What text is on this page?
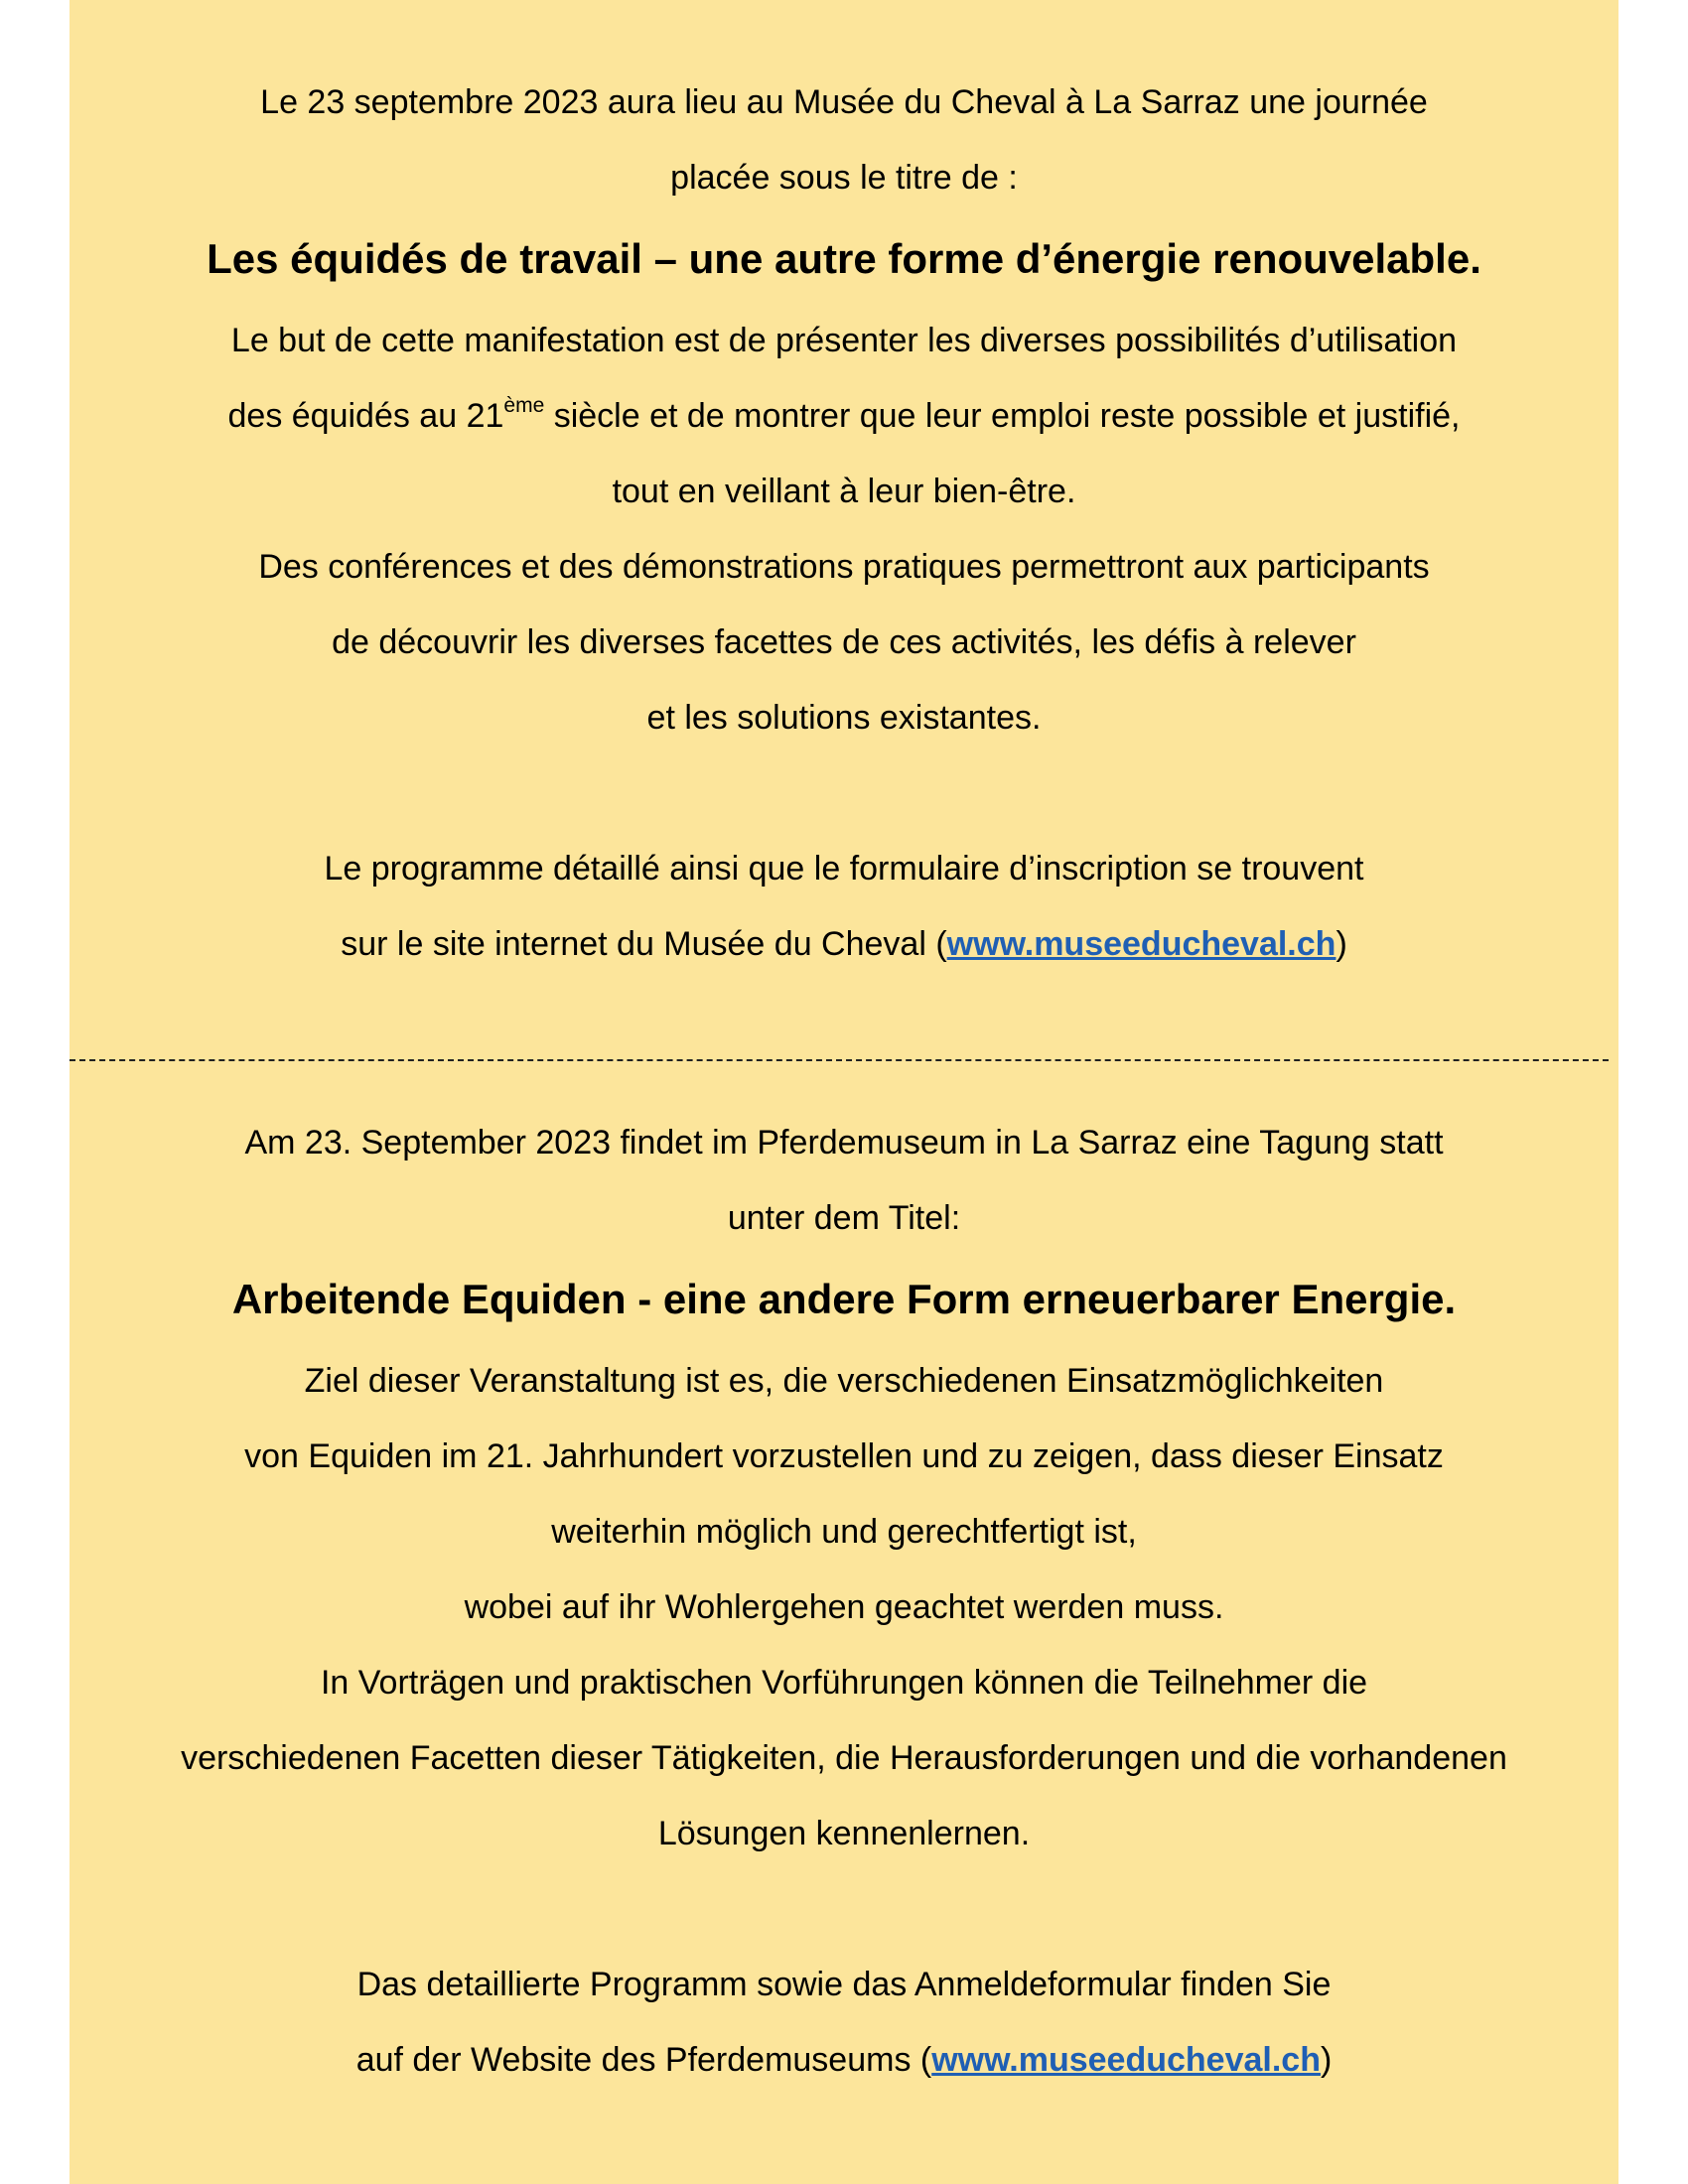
Le 23 septembre 2023 aura lieu au Musée du Cheval à La Sarraz une journée

placée sous le titre de :

Les équidés de travail – une autre forme d’énergie renouvelable.

Le but de cette manifestation est de présenter les diverses possibilités d’utilisation

des équidés au 21ème siècle et de montrer que leur emploi reste possible et justifié,

tout en veillant à leur bien-être.

Des conférences et des démonstrations pratiques permettront aux participants

de découvrir les diverses facettes de ces activités, les défis à relever

et les solutions existantes.

Le programme détaillé ainsi que le formulaire d’inscription se trouvent

sur le site internet du Musée du Cheval (www.museeducheval.ch)

Am 23. September 2023 findet im Pferdemuseum in La Sarraz eine Tagung statt

unter dem Titel:

Arbeitende Equiden - eine andere Form erneuerbarer Energie.

Ziel dieser Veranstaltung ist es, die verschiedenen Einsatzmöglichkeiten

von Equiden im 21. Jahrhundert vorzustellen und zu zeigen, dass dieser Einsatz

weiterhin möglich und gerechtfertigt ist,

wobei auf ihr Wohlergehen geachtet werden muss.

In Vorträgen und praktischen Vorführungen können die Teilnehmer die

verschiedenen Facetten dieser Tätigkeiten, die Herausforderungen und die vorhandenen

Lösungen kennenlernen.

Das detaillierte Programm sowie das Anmeldeformular finden Sie

auf der Website des Pferdemuseums (www.museeducheval.ch)
